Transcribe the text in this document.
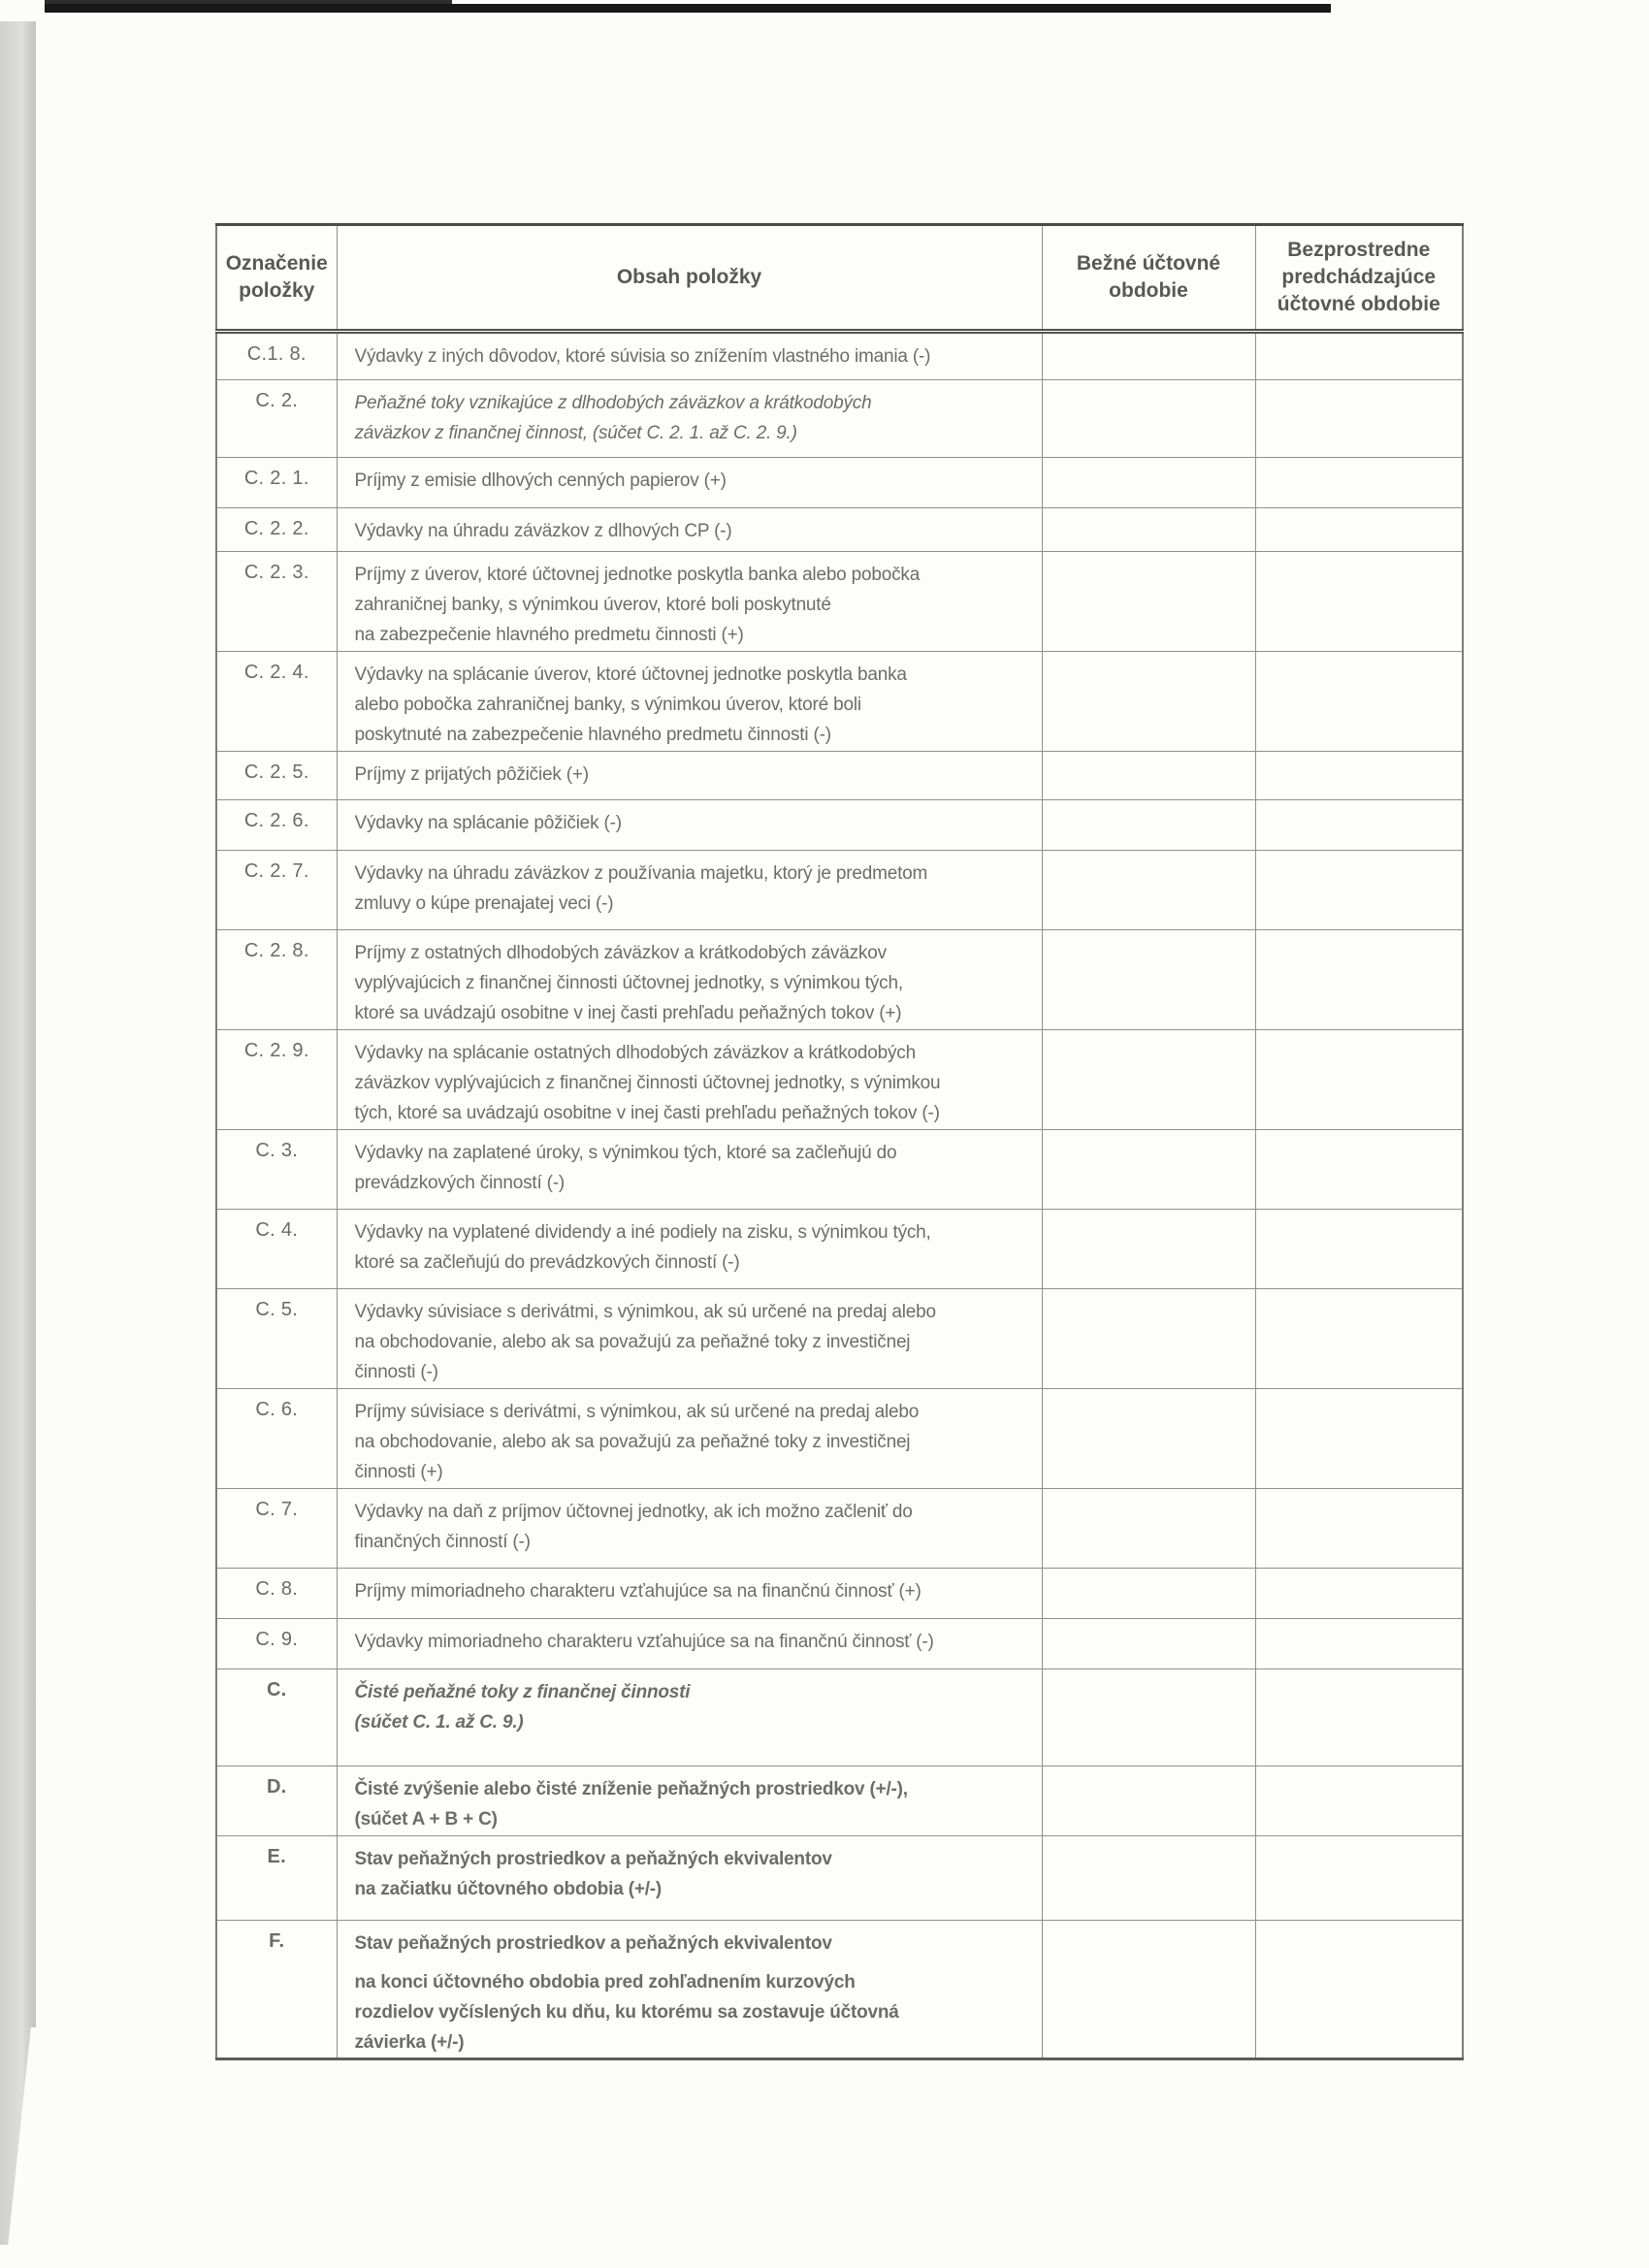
Označenie položky	Obsah položky	Bežné účtovné obdobie	Bezprostredne predchádzajúce účtovné obdobie
C.1. 8.	Výdavky z iných dôvodov, ktoré súvisia so znížením vlastného imania (-)		

C. 2.	Peňažné toky vznikajúce z dlhodobých záväzkov a krátkodobých
záväzkov z finančnej činnost, (súčet C. 2. 1. až C. 2. 9.)		

C. 2. 1.	Príjmy z emisie dlhových cenných papierov (+)		

C. 2. 2.	Výdavky na úhradu záväzkov z dlhových CP (-)		

C. 2. 3.	Príjmy z úverov, ktoré účtovnej jednotke poskytla banka alebo pobočka
zahraničnej banky, s výnimkou úverov, ktoré boli poskytnuté
na zabezpečenie hlavného predmetu činnosti (+)		

C. 2. 4.	Výdavky na splácanie úverov, ktoré účtovnej jednotke poskytla banka
alebo pobočka zahraničnej banky, s výnimkou úverov, ktoré boli
poskytnuté na zabezpečenie hlavného predmetu činnosti (-)		

C. 2. 5.	Príjmy z prijatých pôžičiek (+)		

C. 2. 6.	Výdavky na splácanie pôžičiek (-)		

C. 2. 7.	Výdavky na úhradu záväzkov z používania majetku, ktorý je predmetom
zmluvy o kúpe prenajatej veci (-)		

C. 2. 8.	Príjmy z ostatných dlhodobých záväzkov a krátkodobých záväzkov
vyplývajúcich z finančnej činnosti účtovnej jednotky, s výnimkou tých,
ktoré sa uvádzajú osobitne v inej časti prehľadu peňažných tokov (+)		

C. 2. 9.	Výdavky na splácanie ostatných dlhodobých záväzkov a krátkodobých
záväzkov vyplývajúcich z finančnej činnosti účtovnej jednotky, s výnimkou
tých, ktoré sa uvádzajú osobitne v inej časti prehľadu peňažných tokov (-)		

C. 3.	Výdavky na zaplatené úroky, s výnimkou tých, ktoré sa začleňujú do
prevádzkových činností (-)		

C. 4.	Výdavky na vyplatené dividendy a iné podiely na zisku, s výnimkou tých,
ktoré sa začleňujú do prevádzkových činností (-)		

C. 5.	Výdavky súvisiace s derivátmi, s výnimkou, ak sú určené na predaj alebo
na obchodovanie, alebo ak sa považujú za peňažné toky z investičnej
činnosti (-)		

C. 6.	Príjmy súvisiace s derivátmi, s výnimkou, ak sú určené na predaj alebo
na obchodovanie, alebo ak sa považujú za peňažné toky z investičnej
činnosti (+)		

C. 7.	Výdavky na daň z príjmov účtovnej jednotky, ak ich možno začleniť do
finančných činností (-)		

C. 8.	Príjmy mimoriadneho charakteru vzťahujúce sa na finančnú činnosť (+)		

C. 9.	Výdavky mimoriadneho charakteru vzťahujúce sa na finančnú činnosť (-)		

C.	Čisté peňažné toky z finančnej činnosti
(súčet C. 1. až C. 9.)		

D.	Čisté zvýšenie alebo čisté zníženie peňažných prostriedkov (+/-),
(súčet A + B + C)		

E.	Stav peňažných prostriedkov a peňažných ekvivalentov
na začiatku účtovného obdobia (+/-)		

F.	Stav peňažných prostriedkov a peňažných ekvivalentov
na konci účtovného obdobia pred zohľadnením kurzových
rozdielov vyčíslených ku dňu, ku ktorému sa zostavuje účtovná
závierka (+/-)		
